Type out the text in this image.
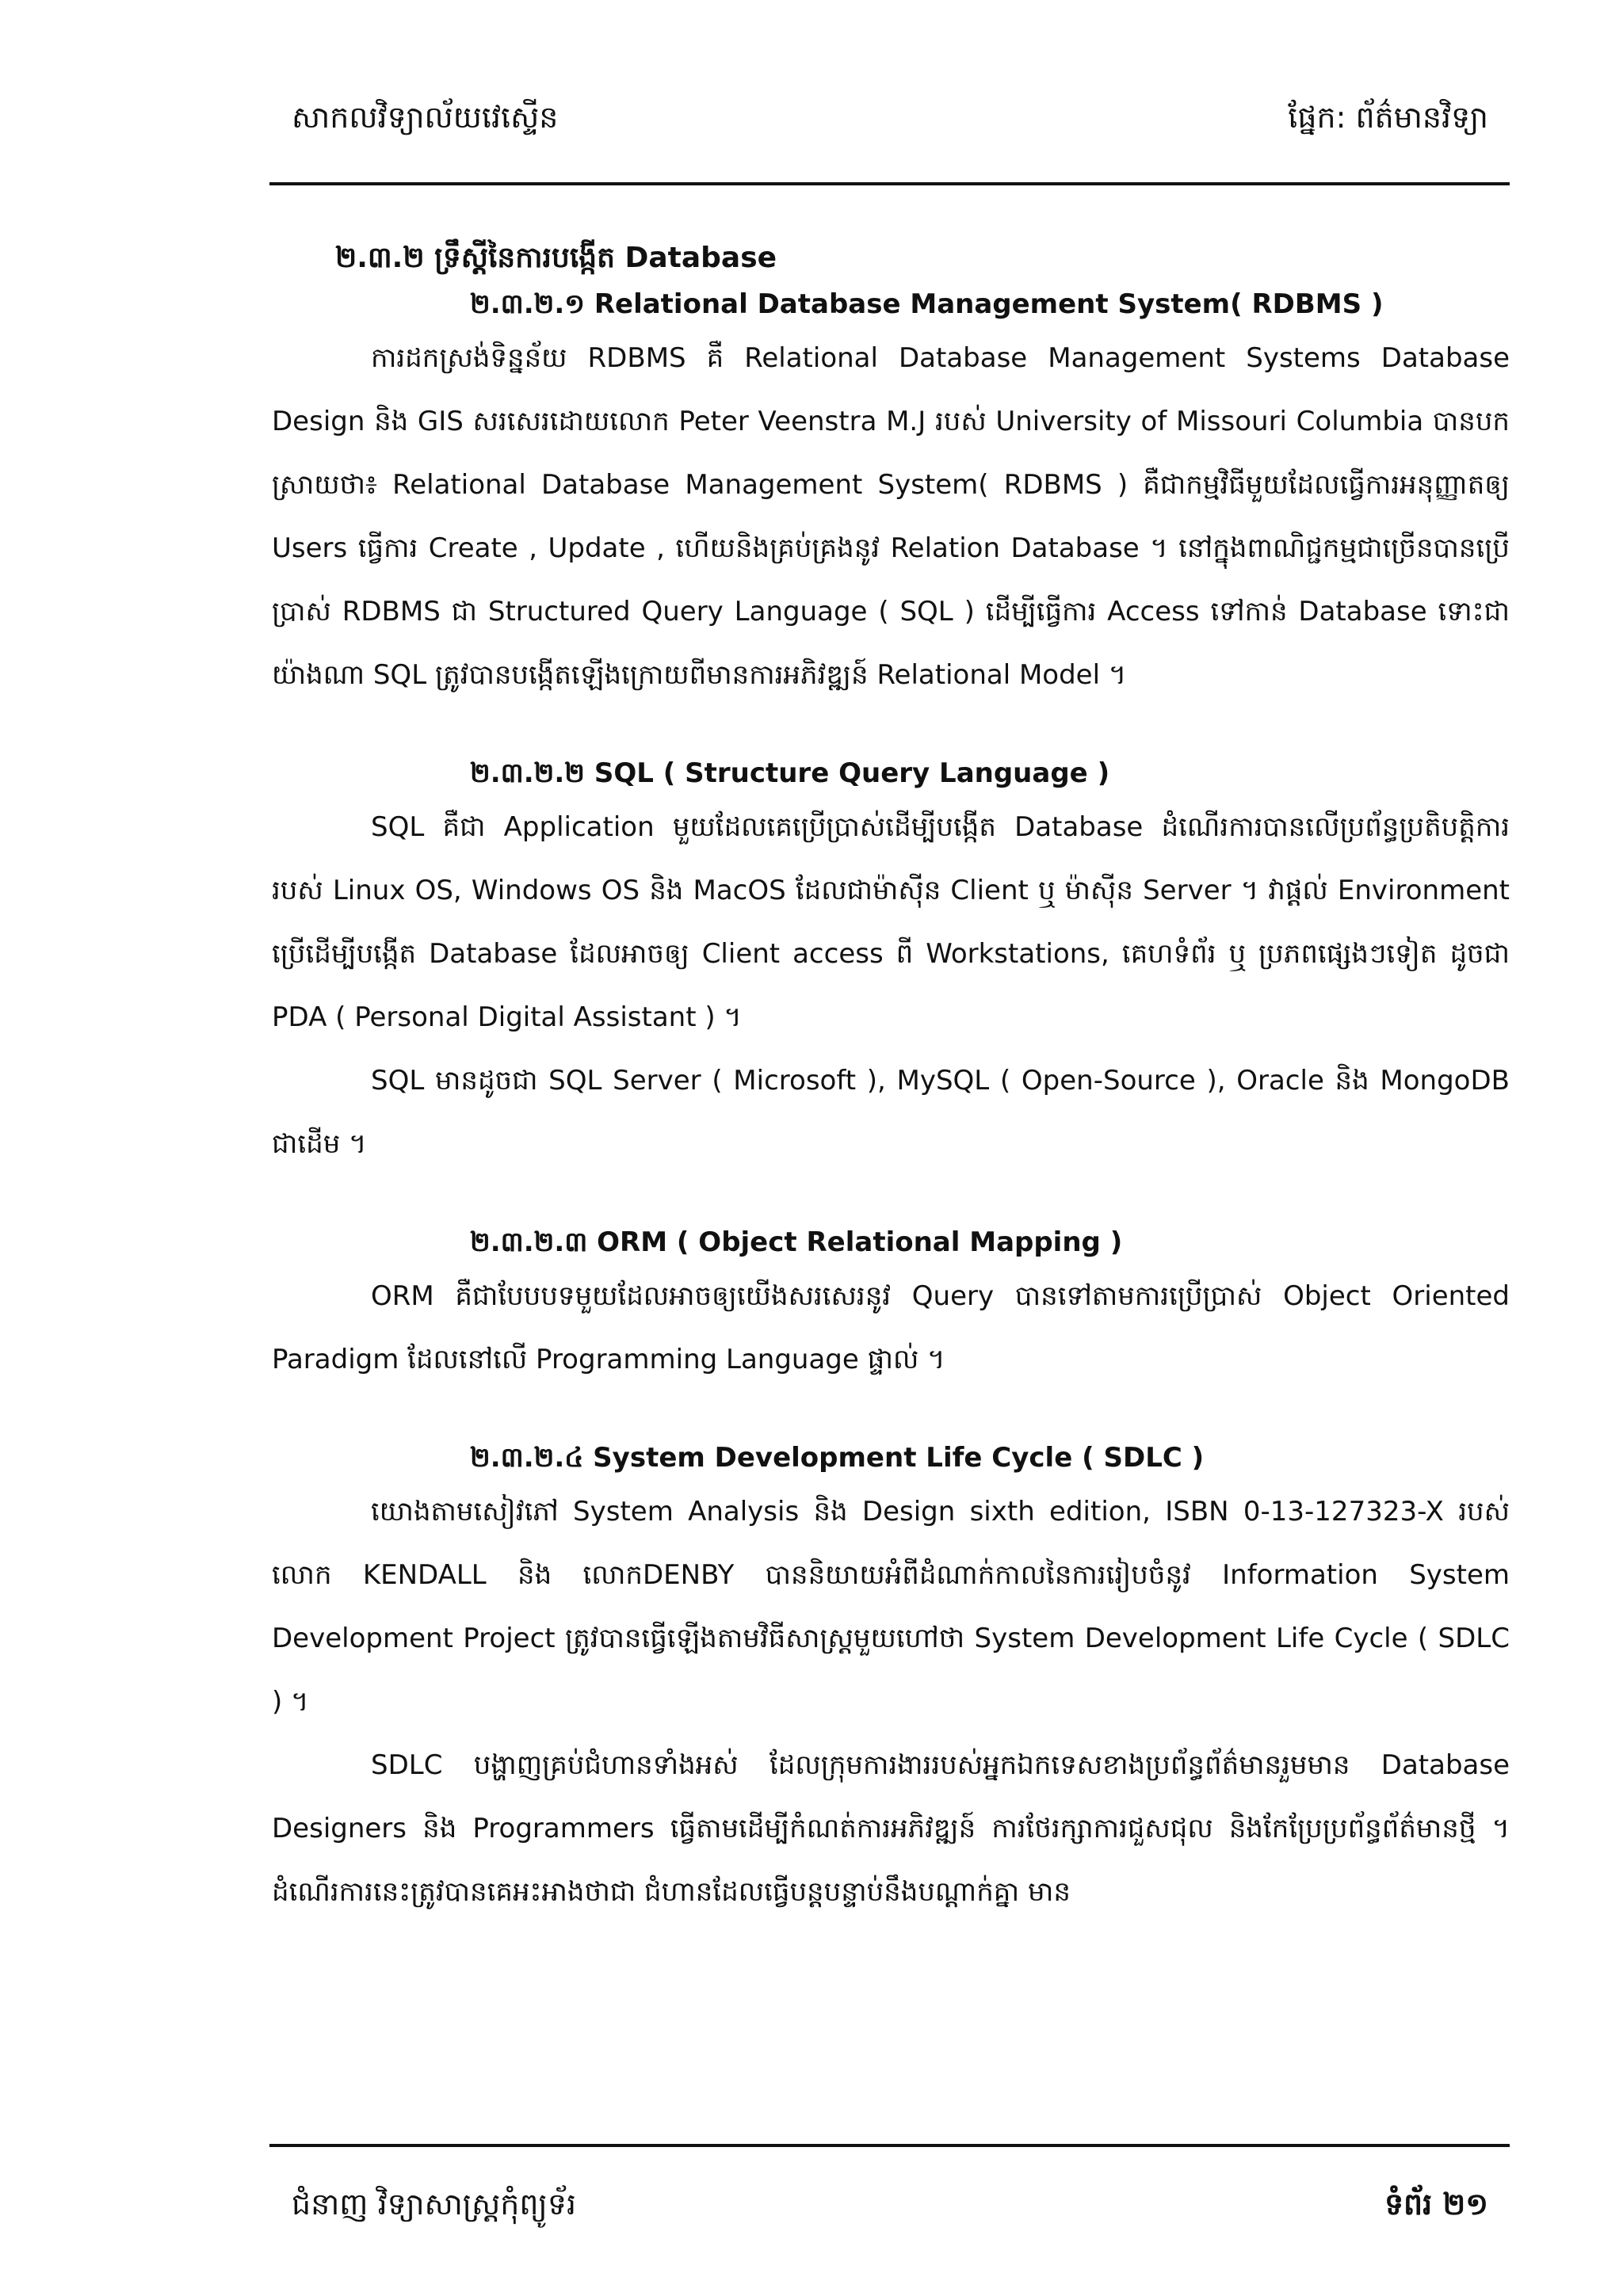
សាកលវិទ្យាល័យវេស្ទើន	ផ្នែក: ព័ត៌មានវិទ្យា
២.៣.២ ទ្រឹស្តីនៃការបង្កើត Database
២.៣.២.១ Relational Database Management System( RDBMS )

ការដកស្រង់ទិន្នន័យ RDBMS គឺ Relational Database Management Systems Database Design និង GIS សរសេរដោយលោក Peter Veenstra M.J របស់ University of Missouri Columbia បានបកស្រាយថា៖ Relational Database Management System( RDBMS ) គឺជាកម្មវិធីមួយដែលធ្វើការអនុញ្ញាតឲ្យ Users ធ្វើការ Create , Update , ហើយនិងគ្រប់គ្រងនូវ Relation Database ។ នៅក្នុងពាណិជ្ជកម្មជាច្រើនបានប្រើប្រាស់ RDBMS ជា Structured Query Language ( SQL ) ដើម្បីធ្វើការ Access ទៅកាន់ Database ទោះជាយ៉ាងណា SQL ត្រូវបានបង្កើតឡើងក្រោយពីមានការអភិវឌ្ឍន៍ Relational Model ។

២.៣.២.២ SQL ( Structure Query Language )

SQL គឺជា Application មួយដែលគេប្រើប្រាស់ដើម្បីបង្កើត Database ដំណើរការបានលើប្រព័ន្ធប្រតិបត្តិការរបស់ Linux OS, Windows OS និង MacOS ដែលជាម៉ាស៊ីន Client ឬ ម៉ាស៊ីន Server ។ វាផ្តល់ Environment ប្រើដើម្បីបង្កើត Database ដែលអាចឲ្យ Client access ពី Workstations, គេហទំព័រ ឬ ប្រភពផ្សេងៗទៀត ដូចជា PDA ( Personal Digital Assistant ) ។

SQL មានដូចជា SQL Server ( Microsoft ), MySQL ( Open-Source ), Oracle និង MongoDB ជាដើម ។

២.៣.២.៣ ORM ( Object Relational Mapping )

ORM គឺជាបែបបទមួយដែលអាចឲ្យយើងសរសេរនូវ Query បានទៅតាមការប្រើប្រាស់ Object Oriented Paradigm ដែលនៅលើ Programming Language ផ្ទាល់ ។

២.៣.២.៤ System Development Life Cycle ( SDLC )

យោងតាមសៀវភៅ System Analysis និង Design sixth edition, ISBN 0-13-127323-X របស់លោក KENDALL និង លោកDENBY បាននិយាយអំពីដំណាក់កាលនៃការរៀបចំនូវ Information System Development Project ត្រូវបានធ្វើឡើងតាមវិធីសាស្ត្រមួយហៅថា System Development Life Cycle ( SDLC ) ។

SDLC បង្ហាញគ្រប់ជំហានទាំងអស់ ដែលក្រុមការងាររបស់អ្នកឯកទេសខាងប្រព័ន្ធព័ត៌មានរួមមាន Database Designers និង Programmers ធ្វើតាមដើម្បីកំណត់ការអភិវឌ្ឍន៍ ការថែរក្សាការជួសជុល និងកែប្រែប្រព័ន្ធព័ត៌មានថ្មី ។ ដំណើរការនេះត្រូវបានគេអះអាងថាជា ជំហានដែលធ្វើបន្តបន្ទាប់នឹងបណ្តាក់គ្នា មាន

ជំនាញ វិទ្យាសាស្ត្រកុំព្យូទ័រ	ទំព័រ ២១
